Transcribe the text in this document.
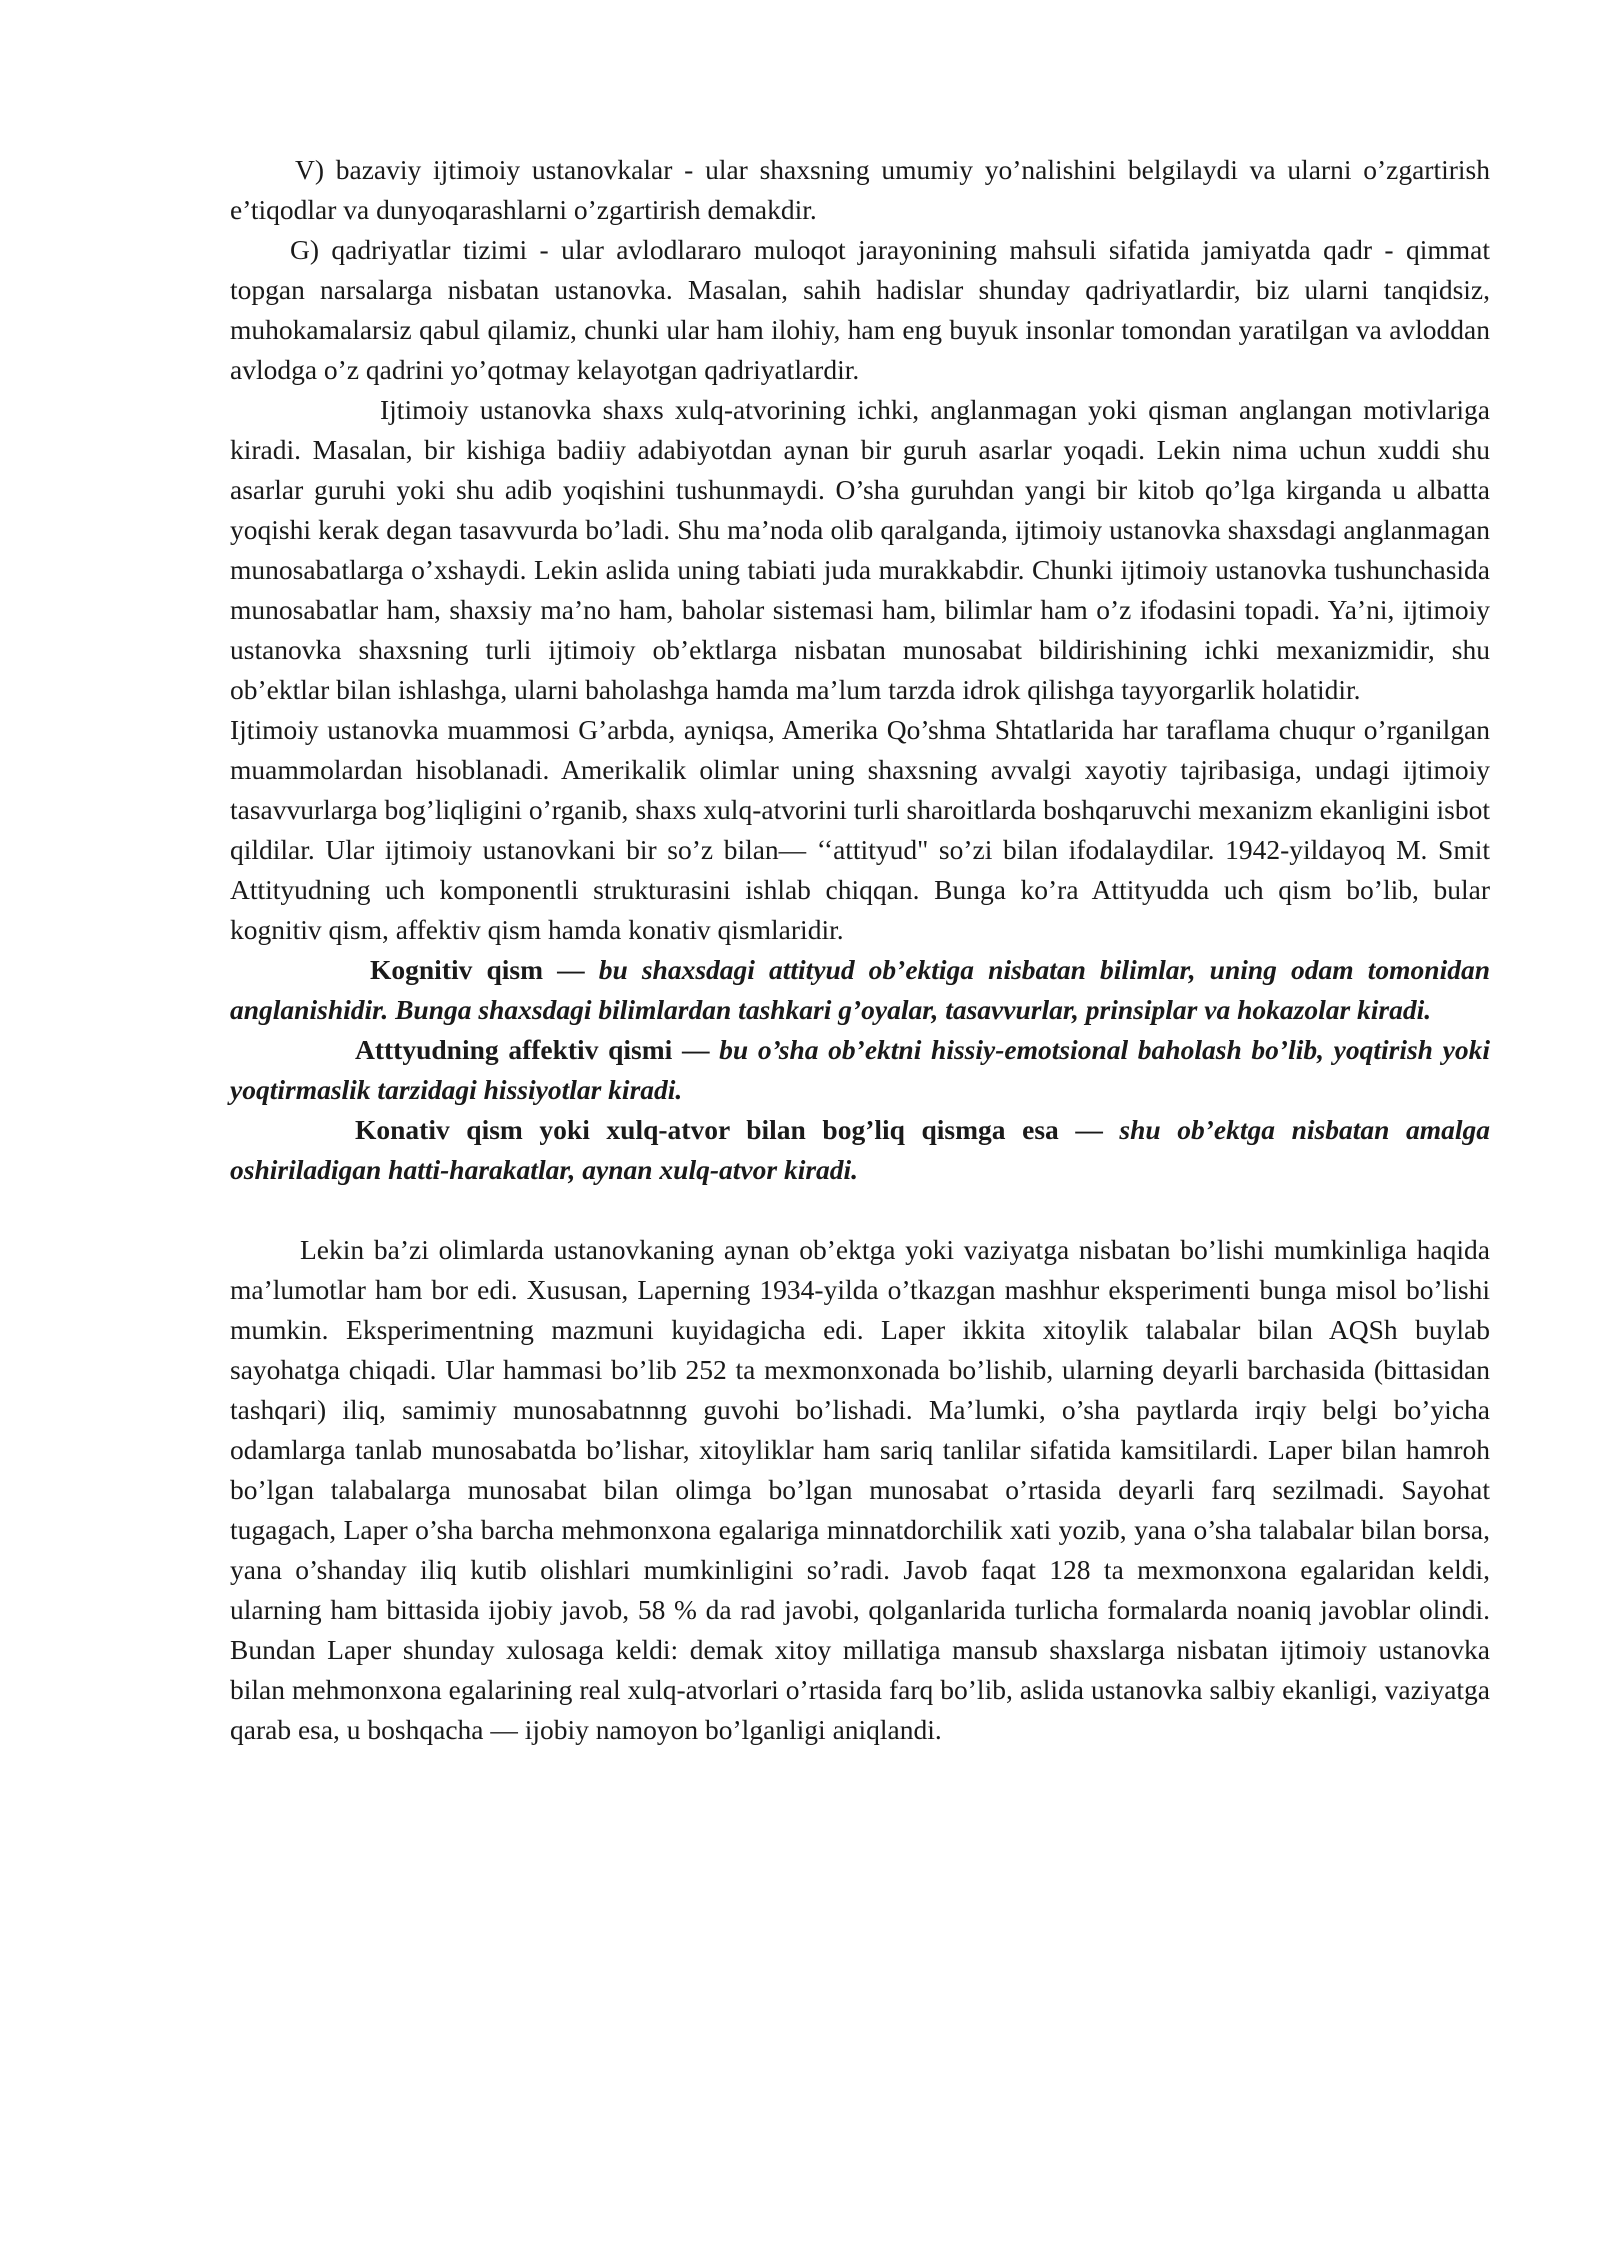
V) bazaviy ijtimoiy ustanovkalar - ular shaxsning umumiy yo’nalishini belgilaydi va ularni o’zgartirish e’tiqodlar va dunyoqarashlarni o’zgartirish demakdir.

G) qadriyatlar tizimi - ular avlodlararo muloqot jarayonining mahsuli sifatida jamiyatda qadr - qimmat topgan narsalarga nisbatan ustanovka. Masalan, sahih hadislar shunday qadriyatlardir, biz ularni tanqidsiz, muhokamalarsiz qabul qilamiz, chunki ular ham ilohiy, ham eng buyuk insonlar tomondan yaratilgan va avloddan avlodga o’z qadrini yo’qotmay kelayotgan qadriyatlardir.

Ijtimoiy ustanovka shaxs xulq-atvorining ichki, anglanmagan yoki qisman anglangan motivlariga kiradi. Masalan, bir kishiga badiiy adabiyotdan aynan bir guruh asarlar yoqadi. Lekin nima uchun xuddi shu asarlar guruhi yoki shu adib yoqishini tushunmaydi. O’sha guruhdan yangi bir kitob qo’lga kirganda u albatta yoqishi kerak degan tasavvurda bo’ladi. Shu ma’noda olib qaralganda, ijtimoiy ustanovka shaxsdagi anglanmagan munosabatlarga o’xshaydi. Lekin aslida uning tabiati juda murakkabdir. Chunki ijtimoiy ustanovka tushunchasida munosabatlar ham, shaxsiy ma’no ham, baholar sistemasi ham, bilimlar ham o’z ifodasini topadi. Ya’ni, ijtimoiy ustanovka shaxsning turli ijtimoiy ob’ektlarga nisbatan munosabat bildirishining ichki mexanizmidir, shu ob’ektlar bilan ishlashga, ularni baholashga hamda ma’lum tarzda idrok qilishga tayyorgarlik holatidir.

Ijtimoiy ustanovka muammosi G’arbda, ayniqsa, Amerika Qo’shma Shtatlarida har taraflama chuqur o’rganilgan muammolardan hisoblanadi. Amerikalik olimlar uning shaxsning avvalgi xayotiy tajribasiga, undagi ijtimoiy tasavvurlarga bog’liqligini o’rganib, shaxs xulq-atvorini turli sharoitlarda boshqaruvchi mexanizm ekanligini isbot qildilar. Ular ijtimoiy ustanovkani bir so’z bilan— ‘‘attityud" so’zi bilan ifodalaydilar. 1942-yildayoq M. Smit Attityudning uch komponentli strukturasini ishlab chiqqan. Bunga ko’ra Attityudda uch qism bo’lib, bular kognitiv qism, affektiv qism hamda konativ qismlaridir.

Kognitiv qism — bu shaxsdagi attityud ob’ektiga nisbatan bilimlar, uning odam tomonidan anglanishidir. Bunga shaxsdagi bilimlardan tashkari g’oyalar, tasavvurlar, prinsiplar va hokazolar kiradi.

Atttyudning affektiv qismi — bu o’sha ob’ektni hissiy-emotsional baholash bo’lib, yoqtirish yoki yoqtirmaslik tarzidagi hissiyotlar kiradi.

Konativ qism yoki xulq-atvor bilan bog’liq qismga esa — shu ob’ektga nisbatan amalga oshiriladigan hatti-harakatlar, aynan xulq-atvor kiradi.

Lekin ba’zi olimlarda ustanovkaning aynan ob’ektga yoki vaziyatga nisbatan bo’lishi mumkinliga haqida ma’lumotlar ham bor edi. Xususan, Laperning 1934-yilda o’tkazgan mashhur eksperimenti bunga misol bo’lishi mumkin. Eksperimentning mazmuni kuyidagicha edi. Laper ikkita xitoylik talabalar bilan AQSh buylab sayohatga chiqadi. Ular hammasi bo’lib 252 ta mexmonxonada bo’lishib, ularning deyarli barchasida (bittasidan tashqari) iliq, samimiy munosabatnnng guvohi bo’lishadi. Ma’lumki, o’sha paytlarda irqiy belgi bo’yicha odamlarga tanlab munosabatda bo’lishar, xitoyliklar ham sariq tanlilar sifatida kamsitilardi. Laper bilan hamroh bo’lgan talabalarga munosabat bilan olimga bo’lgan munosabat o’rtasida deyarli farq sezilmadi. Sayohat tugagach, Laper o’sha barcha mehmonxona egalariga minnatdorchilik xati yozib, yana o’sha talabalar bilan borsa, yana o’shanday iliq kutib olishlari mumkinligini so’radi. Javob faqat 128 ta mexmonxona egalaridan keldi, ularning ham bittasida ijobiy javob, 58 % da rad javobi, qolganlarida turlicha formalarda noaniq javoblar olindi. Bundan Laper shunday xulosaga keldi: demak xitoy millatiga mansub shaxslarga nisbatan ijtimoiy ustanovka bilan mehmonxona egalarining real xulq-atvorlari o’rtasida farq bo’lib, aslida ustanovka salbiy ekanligi, vaziyatga qarab esa, u boshqacha — ijobiy namoyon bo’lganligi aniqlandi.
